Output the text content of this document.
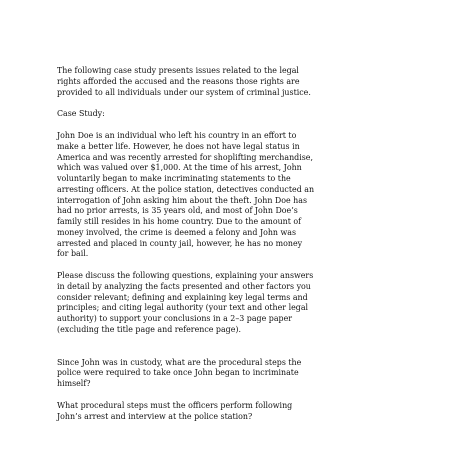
The following case study presents issues related to the legal
rights afforded the accused and the reasons those rights are
provided to all individuals under our system of criminal justice.

Case Study:

John Doe is an individual who left his country in an effort to
make a better life. However, he does not have legal status in
America and was recently arrested for shoplifting merchandise,
which was valued over $1,000. At the time of his arrest, John
voluntarily began to make incriminating statements to the
arresting officers. At the police station, detectives conducted an
interrogation of John asking him about the theft. John Doe has
had no prior arrests, is 35 years old, and most of John Doe’s
family still resides in his home country. Due to the amount of
money involved, the crime is deemed a felony and John was
arrested and placed in county jail, however, he has no money
for bail.

Please discuss the following questions, explaining your answers
in detail by analyzing the facts presented and other factors you
consider relevant; defining and explaining key legal terms and
principles; and citing legal authority (your text and other legal
authority) to support your conclusions in a 2–3 page paper
(excluding the title page and reference page).

Since John was in custody, what are the procedural steps the
police were required to take once John began to incriminate
himself?

What procedural steps must the officers perform following
John’s arrest and interview at the police station?
